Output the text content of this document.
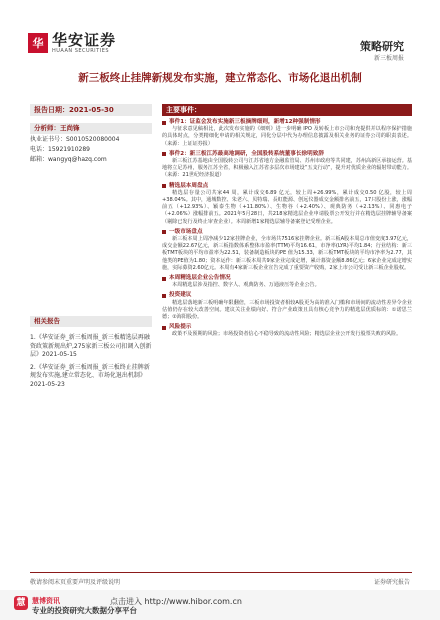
华 华安证券
HUAAN SECURITIES	策略研究
新三板周报
新三板终止挂牌新规发布实施，建立常态化、市场化退出机制
报告日期：2021-05-30
分析师：王尚锋
执业证书号：S0010520080004
电话：15921910289
邮箱：wangyq@hazq.com
相关报告
1.《华安证券_新三板周报_新三板精选层再融资政策新规出炉,275家新三板公司扣调入创新层》2021-05-15
2.《华安证券_新三板周报_新三板终止挂牌新规发布实施,建立常态化、市场化退出机制》2021-05-23
主要事件：
事件1：证监会发布实施新三板摘牌细则，新增12种强制情形
与征求意见稿相比，此次发布实施的《细则》进一步明确 IPO 及转板上市公司和充提供并以程序保护措施的具体时点，分类精细化申请的相关规定，同化分层中代为办理信息披露及相关业务的证券公司的职责表述。（来源：上证证券报）
事件2：新三板江苏最高地调研，全国股转系统董事长徐明致辞
新三板江苏基地由全国股转公司与江苏省地方金融监管局、苏州市政府等共同建，苏州高新区承接运营。基地将立足苏州，服务江苏全省，积极融入江苏省多层次市场建设“五支行动”，提升对优质企业的辐射带动能力。（来源：21世纪经济报道）
精选层本周盘点
精选层存量公司共家44 周，累计成交6.89 亿元，较上周+26.99%，累计成交0.50 亿股，较上周+38.04%。其中，通城数控、朱老六、贝特瑞、長虹能源、创远仪器成交金额排名前五，17只股份上涨，涨幅前五（+12.93%）、颖泰生物（+11.80%）、生物谷（+2.40%）、观典防务（+2.13%）、同惠电子（+2.06%）涨幅排前五。2021年5月28日，共218家精选层企业申请股票公开发行并在精选层挂牌辅导备案（剔除已发行及终止审查企业）。本周新增1家精选层辅导备案登记受理企业。
一级市场盘点
新三板本周上周净减少12家挂牌企业，全市场共7516家挂牌企业。新三板A股本周总市值变度3.97亿元，成交金额22.67亿元，新三板指数体系整体市盈率(TTM)平均16.61，市净率(LYR)平均1.84；行业结构：新三板TMT板块的平均市盈率为22.51，装备制造板块的PE 值为15.33，新三板TMT板块的平均市净率为2.77，其他类的PE值为1.80；资本运作：新三板本周共9家企业完成定增，累计募资金额8.86亿元；6家企业完成定增实施，实际募资2.60亿元。本周有4家新三板企业宣告完成了重要资产收购，2家上市公司受让新三板企业股权。
本周精选层企业公告情况
本周精选层涉及指控、数字人、观典防务、万通液压等企业公告。
投资建议
精选层落地新三板明确年限翻倍，三板市场投资者相较A股更为高的准入门槛和市场间的流动性差异令企业估值仍存在较大改善空间。建议关注业绩向好、符合产业政策且具有核心竞争力的精选层优质标的：①诺思兰德；②海阳股份。
风险提示
政策不及预期的风险；市场投资者信心不稳导致的流动性风险；精选层企业公开发行股票失败的风险。
敬请参阅末页重要声明及评级说明	证券研究报告
慧 慧博资讯
专业的投资研究大数据分享平台
点击进入 http://www.hibor.com.cn
